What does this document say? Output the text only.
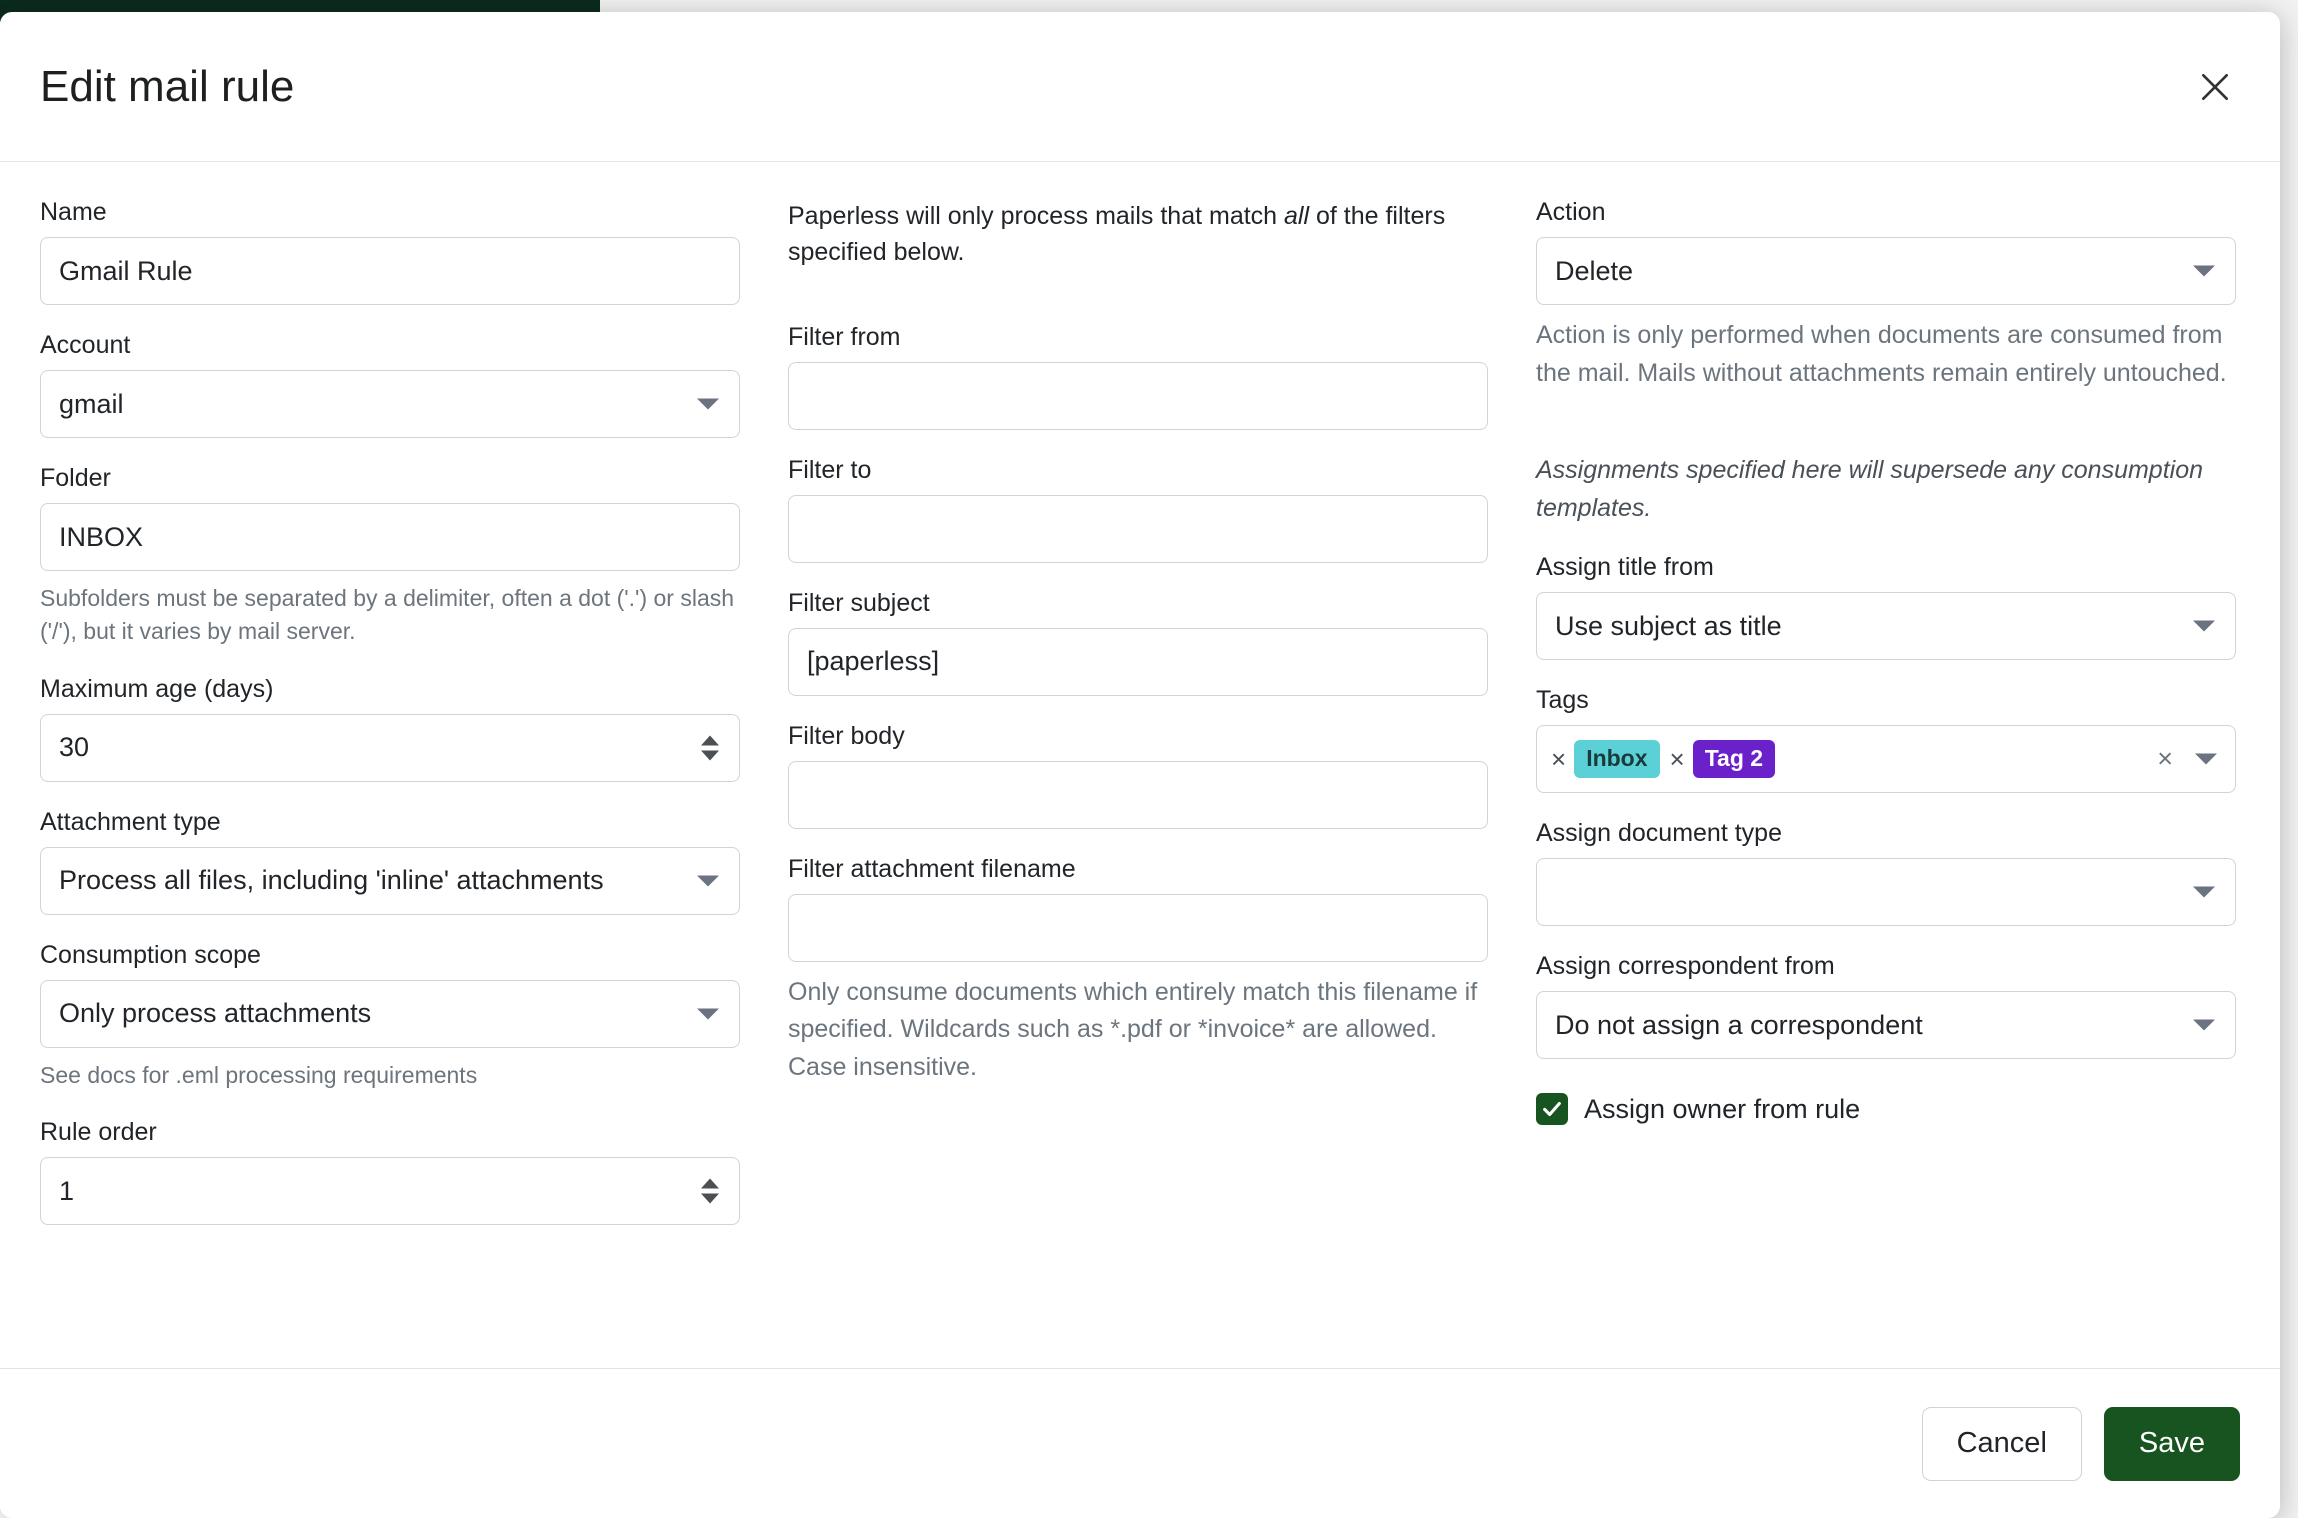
Edit mail rule
Name
Gmail Rule
Account
gmail
Folder
INBOX
Subfolders must be separated by a delimiter, often a dot ('.') or slash ('/'), but it varies by mail server.
Maximum age (days)
30
Attachment type
Process all files, including 'inline' attachments
Consumption scope
Only process attachments
See docs for .eml processing requirements
Rule order
1
Paperless will only process mails that match all of the filters specified below.
Filter from
Filter to
Filter subject
[paperless]
Filter body
Filter attachment filename
Only consume documents which entirely match this filename if specified. Wildcards such as *.pdf or *invoice* are allowed. Case insensitive.
Action
Delete
Action is only performed when documents are consumed from the mail. Mails without attachments remain entirely untouched.
Assignments specified here will supersede any consumption templates.
Assign title from
Use subject as title
Tags
× Inbox × Tag 2	×
Assign document type
Assign correspondent from
Do not assign a correspondent
Assign owner from rule
Cancel	Save
